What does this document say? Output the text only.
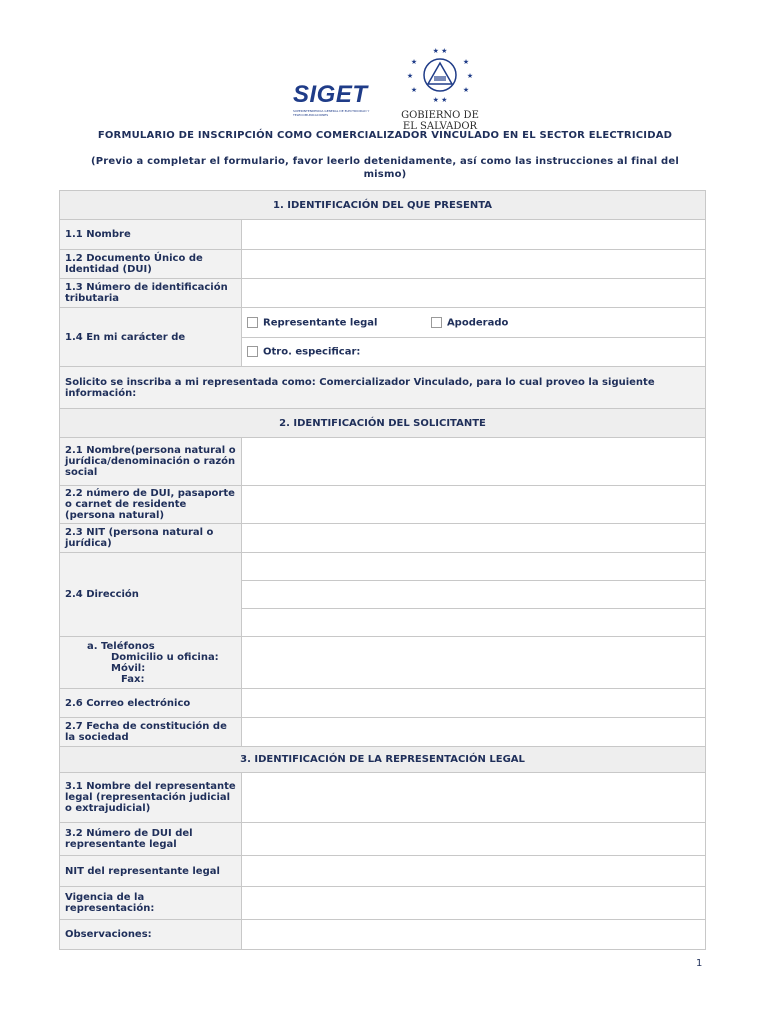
SIGET
SUPERINTENDENCIA GENERAL DE ELECTRICIDAD Y TELECOMUNICACIONES
★ ★
★	★
★	★
★	★
★ ★
GOBIERNO DE
EL SALVADOR
FORMULARIO DE INSCRIPCIÓN COMO COMERCIALIZADOR VINCULADO EN EL SECTOR ELECTRICIDAD
(Previo a completar el formulario, favor leerlo detenidamente, así como las instrucciones al final del mismo)
1. IDENTIFICACIÓN DEL QUE PRESENTA	
1.1 Nombre	
1.2 Documento Único de Identidad (DUI)	
1.3 Número de identificación tributaria	
1.4 En mi carácter de	Representante legal Apoderado
	Otro. especificar:
Solicito se inscriba a mi representada como: Comercializador Vinculado, para lo cual proveo la siguiente información:	
2. IDENTIFICACIÓN DEL SOLICITANTE	
2.1 Nombre(persona natural o jurídica/denominación o razón social	
2.2 número de DUI, pasaporte o carnet de residente (persona natural)	
2.3 NIT (persona natural o jurídica)	
2.4 Dirección	

a. Teléfonos
Domicilio u oficina:
Móvil:
Fax:	

2.6 Correo electrónico	
2.7 Fecha de constitución de la sociedad	
3. IDENTIFICACIÓN DE LA REPRESENTACIÓN LEGAL	
3.1 Nombre del representante legal (representación judicial o extrajudicial)	
3.2 Número de DUI del representante legal	
NIT del representante legal	
Vigencia de la representación:	
Observaciones:	
1
